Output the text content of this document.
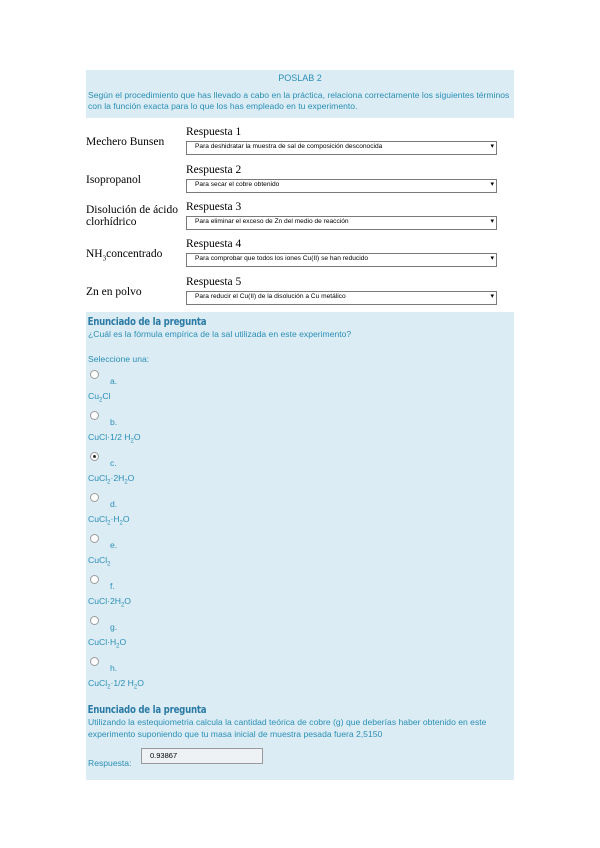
POSLAB 2
Según el procedimiento que has llevado a cabo en la práctica, relaciona correctamente los siguientes términos con la función exacta para lo que los has empleado en tu experimento.
Mechero Bunsen
Respuesta 1
Para deshidratar la muestra de sal de composición desconocida	▾
Isopropanol
Respuesta 2
Para secar el cobre obtenido	▾
Disolución de ácido clorhídrico
Respuesta 3
Para eliminar el exceso de Zn del medio de reacción	▾
$NH_3concentrado$
Respuesta 4
Para comprobar que todos los iones Cu(II) se han reducido	▾
Zn en polvo
Respuesta 5
Para reducir el Cu(II) de la disolución a Cu metálico	▾
Enunciado de la pregunta
¿Cuál es la fórmula empírica de la sal utilizada en este experimento?
Seleccione una:
a.
$Cu_2Cl$
b.
CuCl·1/2 $H_2O$
c.
$CuCl_2\cdot 2H_2O$
d.
$CuCl_2\cdot H_2O$
e.
CuCl$_2$
f.
$CuCl\cdot 2H_2O$
g.
$CuCl\cdot H_2O$
h.
CuCl$_2$·1/2 $H_2O$
Enunciado de la pregunta
Utilizando la estequiometria calcula la cantidad teórica de cobre (g) que deberías haber obtenido en este experimento suponiendo que tu masa inicial de muestra pesada fuera 2,5150
Respuesta:
0.93867
